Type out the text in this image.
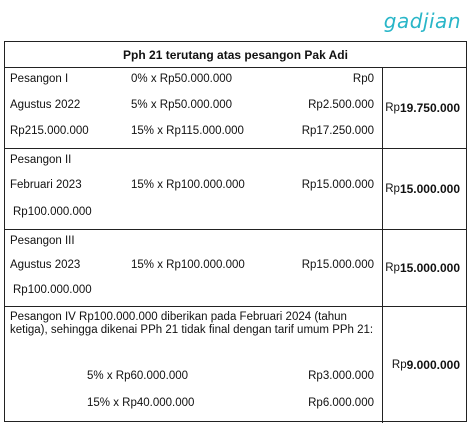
gadjian
Pph 21 terutang atas pesangon Pak Adi
Pesangon I	0% x Rp50.000.000	Rp0
Agustus 2022	5% x Rp50.000.000	Rp2.500.000
Rp215.000.000	15% x Rp115.000.000	Rp17.250.000
Rp 19.750.000
Pesangon II
Februari 2023	15% x Rp100.000.000	Rp15.000.000
Rp100.000.000
Rp 15.000.000
Pesangon III
Agustus 2023	15% x Rp100.000.000	Rp15.000.000
Rp100.000.000
Rp 15.000.000
Pesangon IV Rp100.000.000 diberikan pada Februari 2024 (tahun ketiga), sehingga dikenai PPh 21 tidak final dengan tarif umum PPh 21:
5% x Rp60.000.000	Rp3.000.000
15% x Rp40.000.000	Rp6.000.000
Rp 9.000.000
